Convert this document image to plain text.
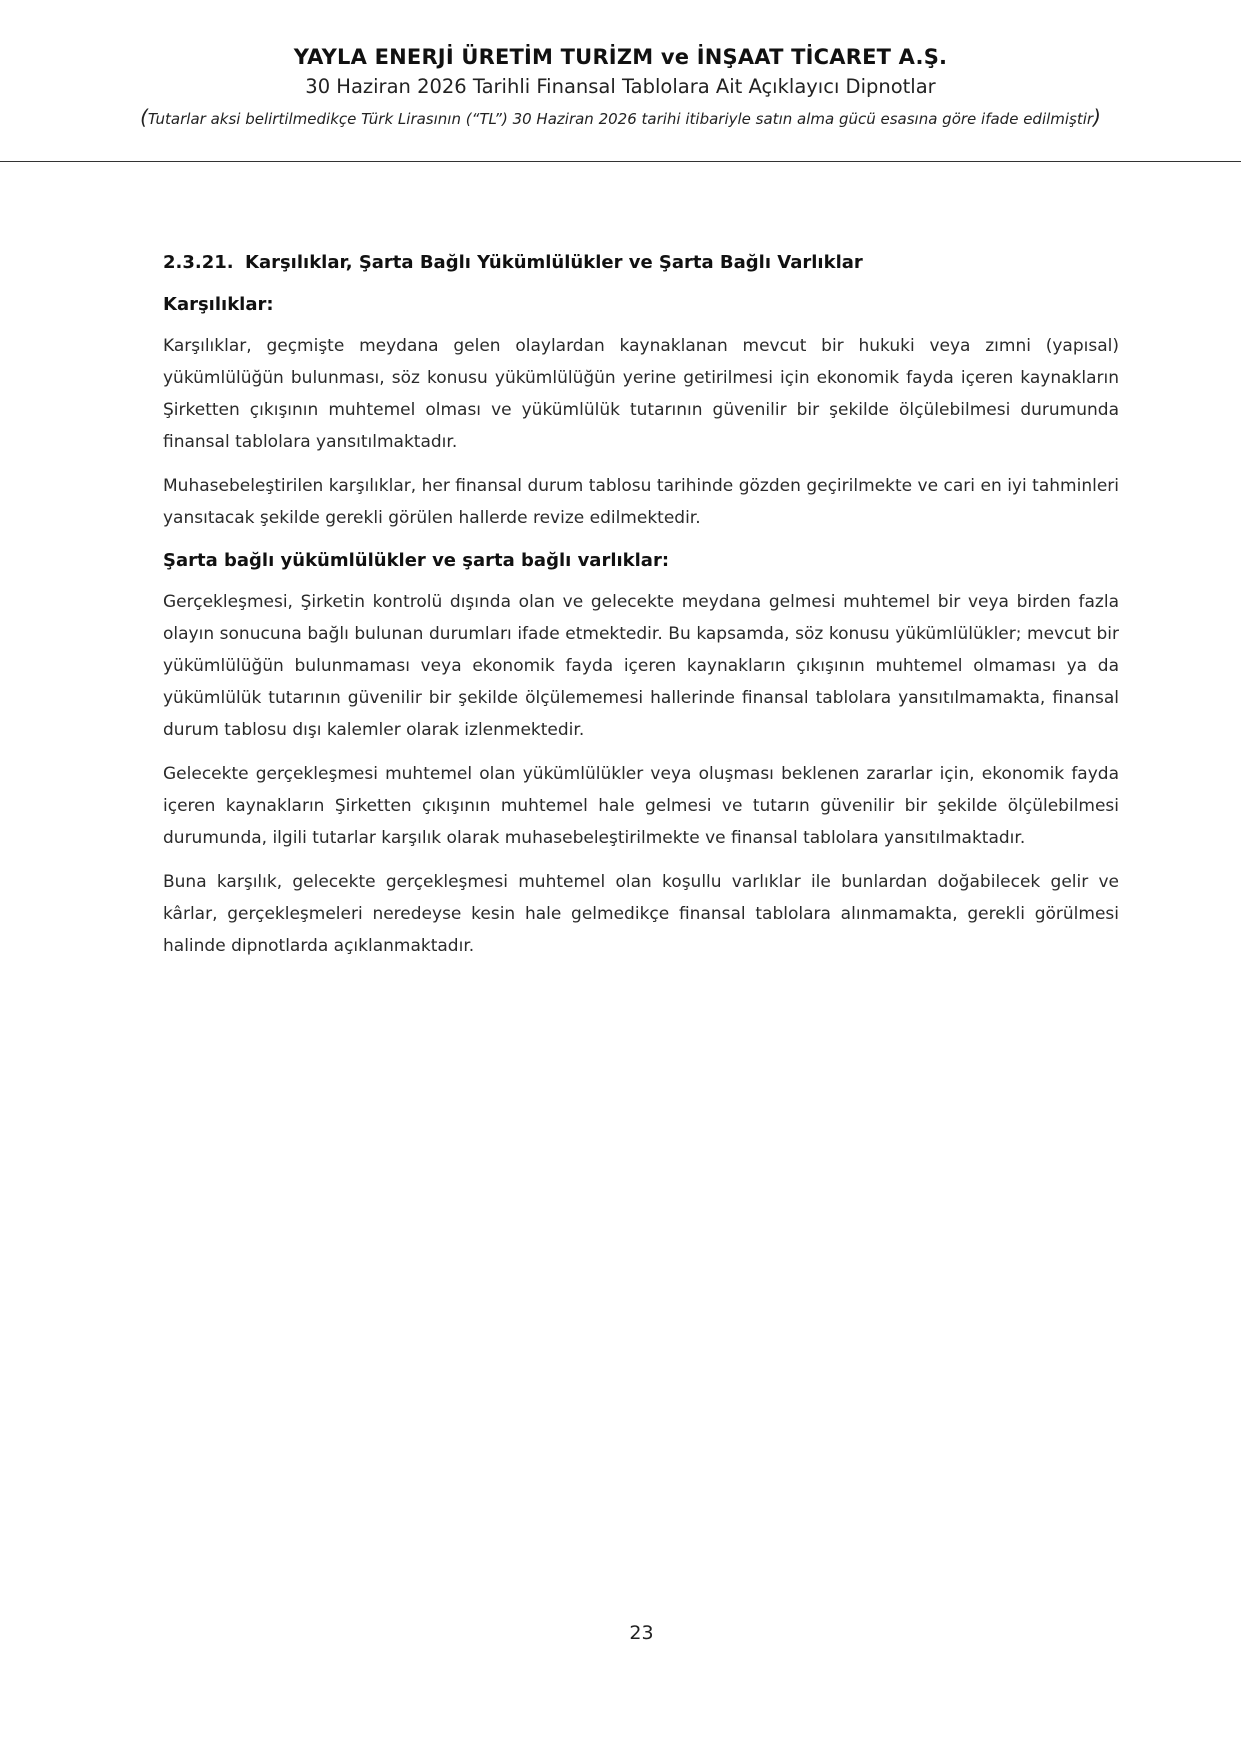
YAYLA ENERJİ ÜRETİM TURİZM ve İNŞAAT TİCARET A.Ş.
30 Haziran 2026 Tarihli Finansal Tablolara Ait Açıklayıcı Dipnotlar
(Tutarlar aksi belirtilmedikçe Türk Lirasının (“TL”) 30 Haziran 2026 tarihi itibariyle satın alma gücü esasına göre ifade edilmiştir)
2.3.21. Karşılıklar, Şarta Bağlı Yükümlülükler ve Şarta Bağlı Varlıklar
Karşılıklar:

Karşılıklar, geçmişte meydana gelen olaylardan kaynaklanan mevcut bir hukuki veya zımni (yapısal) yükümlülüğün bulunması, söz konusu yükümlülüğün yerine getirilmesi için ekonomik fayda içeren kaynakların Şirketten çıkışının muhtemel olması ve yükümlülük tutarının güvenilir bir şekilde ölçülebilmesi durumunda finansal tablolara yansıtılmaktadır.

Muhasebeleştirilen karşılıklar, her finansal durum tablosu tarihinde gözden geçirilmekte ve cari en iyi tahminleri yansıtacak şekilde gerekli görülen hallerde revize edilmektedir.

Şarta bağlı yükümlülükler ve şarta bağlı varlıklar:

Gerçekleşmesi, Şirketin kontrolü dışında olan ve gelecekte meydana gelmesi muhtemel bir veya birden fazla olayın sonucuna bağlı bulunan durumları ifade etmektedir. Bu kapsamda, söz konusu yükümlülükler; mevcut bir yükümlülüğün bulunmaması veya ekonomik fayda içeren kaynakların çıkışının muhtemel olmaması ya da yükümlülük tutarının güvenilir bir şekilde ölçülememesi hallerinde finansal tablolara yansıtılmamakta, finansal durum tablosu dışı kalemler olarak izlenmektedir.

Gelecekte gerçekleşmesi muhtemel olan yükümlülükler veya oluşması beklenen zararlar için, ekonomik fayda içeren kaynakların Şirketten çıkışının muhtemel hale gelmesi ve tutarın güvenilir bir şekilde ölçülebilmesi durumunda, ilgili tutarlar karşılık olarak muhasebeleştirilmekte ve finansal tablolara yansıtılmaktadır.

Buna karşılık, gelecekte gerçekleşmesi muhtemel olan koşullu varlıklar ile bunlardan doğabilecek gelir ve kârlar, gerçekleşmeleri neredeyse kesin hale gelmedikçe finansal tablolara alınmamakta, gerekli görülmesi halinde dipnotlarda açıklanmaktadır.

23
